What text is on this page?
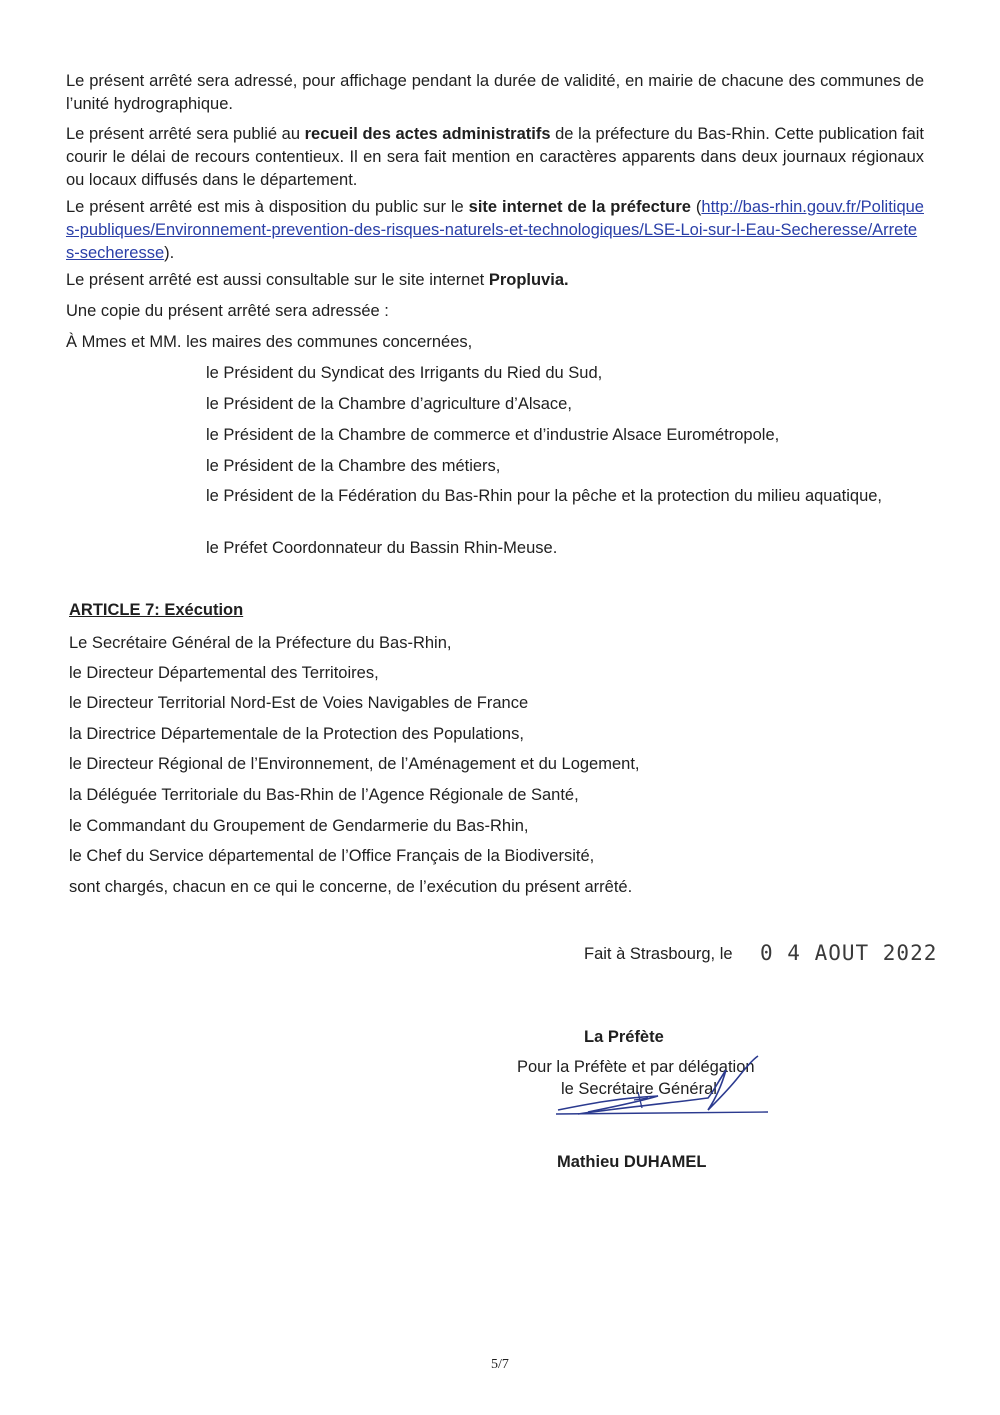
Le présent arrêté sera adressé, pour affichage pendant la durée de validité, en mairie de chacune des communes de l’unité hydrographique.

Le présent arrêté sera publié au recueil des actes administratifs de la préfecture du Bas-Rhin. Cette publication fait courir le délai de recours contentieux. Il en sera fait mention en caractères apparents dans deux journaux régionaux ou locaux diffusés dans le département.

Le présent arrêté est mis à disposition du public sur le site internet de la préfecture (http://bas-rhin.gouv.fr/Politiques-publiques/Environnement-prevention-des-risques-naturels-et-technologiques/LSE-Loi-sur-l-Eau-Secheresse/Arretes-secheresse).

Le présent arrêté est aussi consultable sur le site internet Propluvia.

Une copie du présent arrêté sera adressée :

À Mmes et MM. les maires des communes concernées,

le Président du Syndicat des Irrigants du Ried du Sud,

le Président de la Chambre d’agriculture d’Alsace,

le Président de la Chambre de commerce et d’industrie Alsace Eurométropole,

le Président de la Chambre des métiers,

le Président de la Fédération du Bas-Rhin pour la pêche et la protection du milieu aquatique,

le Préfet Coordonnateur du Bassin Rhin-Meuse.

ARTICLE 7: Exécution

Le Secrétaire Général de la Préfecture du Bas-Rhin,

le Directeur Départemental des Territoires,

le Directeur Territorial Nord-Est de Voies Navigables de France

la Directrice Départementale de la Protection des Populations,

le Directeur Régional de l’Environnement, de l’Aménagement et du Logement,

la Déléguée Territoriale du Bas-Rhin de l’Agence Régionale de Santé,

le Commandant du Groupement de Gendarmerie du Bas-Rhin,

le Chef du Service départemental de l’Office Français de la Biodiversité,

sont chargés, chacun en ce qui le concerne, de l’exécution du présent arrêté.

Fait à Strasbourg, le 0 4 AOUT 2022
La Préfète
Pour la Préfète et par délégation
le Secrétaire Général
Mathieu DUHAMEL
5/7
